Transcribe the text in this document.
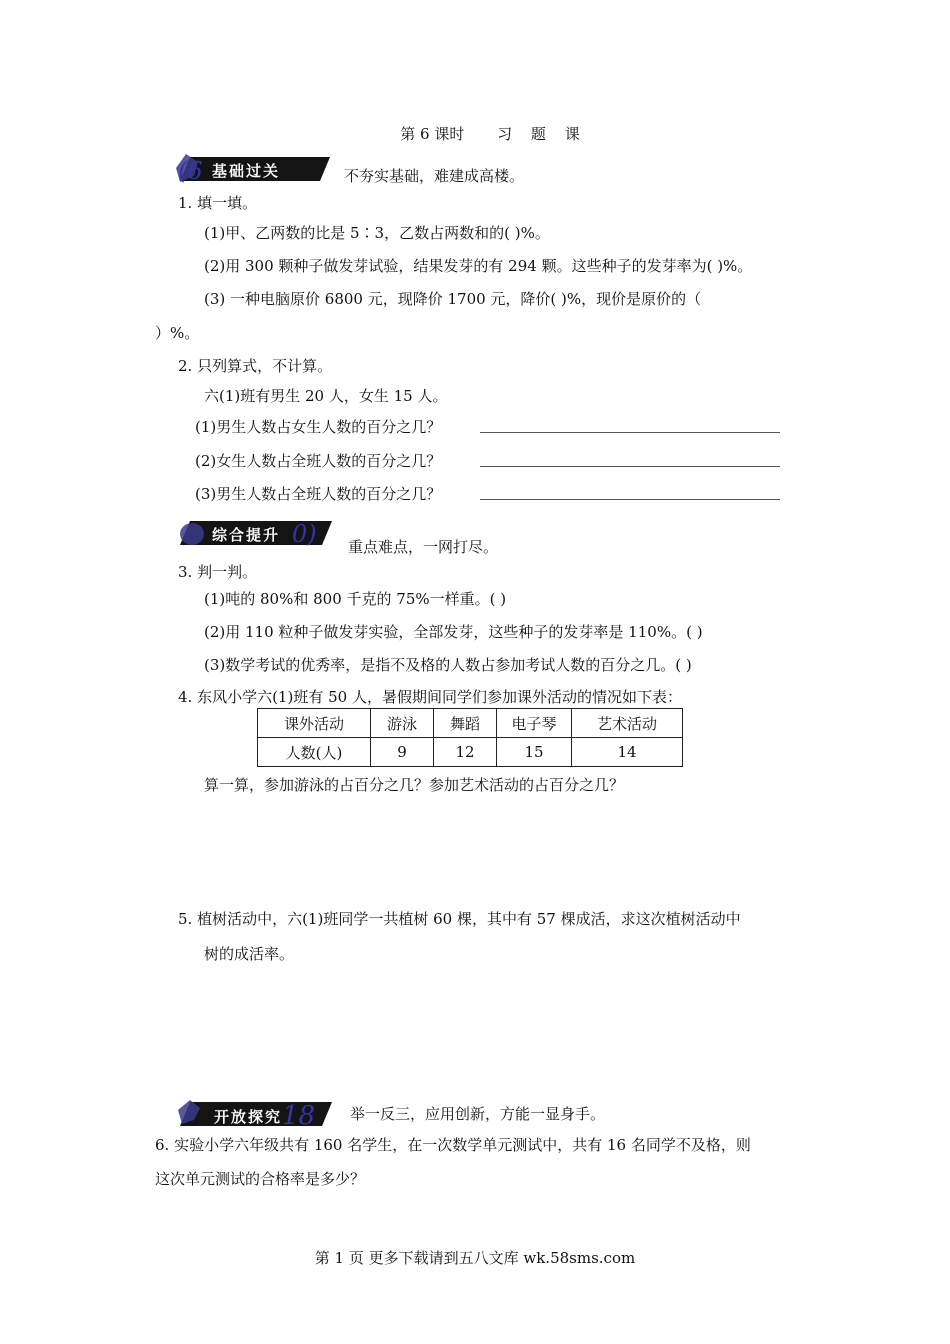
第 6 课时 习 题 课
(6 基础过关	不夯实基础，难建成高楼。
1. 填一填。
(1)甲、乙两数的比是 5∶3，乙数占两数和的( )%。
(2)用 300 颗种子做发芽试验，结果发芽的有 294 颗。这些种子的发芽率为( )%。
(3) 一种电脑原价 6800 元，现降价 1700 元，降价( )%，现价是原价的（
）%。
2. 只列算式，不计算。
六(1)班有男生 20 人，女生 15 人。
(1)男生人数占女生人数的百分之几？
(2)女生人数占全班人数的百分之几？
(3)男生人数占全班人数的百分之几？
0)
综合提升
重点难点，一网打尽。
3. 判一判。
(1)吨的 80%和 800 千克的 75%一样重。( )
(2)用 110 粒种子做发芽实验，全部发芽，这些种子的发芽率是 110%。( )
(3)数学考试的优秀率，是指不及格的人数占参加考试人数的百分之几。( )
4. 东风小学六(1)班有 50 人，暑假期间同学们参加课外活动的情况如下表：
课外活动	游泳	舞蹈	电子琴	艺术活动
人数(人)	9	12	15	14
算一算，参加游泳的占百分之几？参加艺术活动的占百分之几？
5. 植树活动中，六(1)班同学一共植树 60 棵，其中有 57 棵成活，求这次植树活动中
树的成活率。
18
开放探究	举一反三，应用创新，方能一显身手。
6. 实验小学六年级共有 160 名学生，在一次数学单元测试中，共有 16 名同学不及格，则
这次单元测试的合格率是多少？
第 1 页 更多下载请到五八文库 wk.58sms.com
